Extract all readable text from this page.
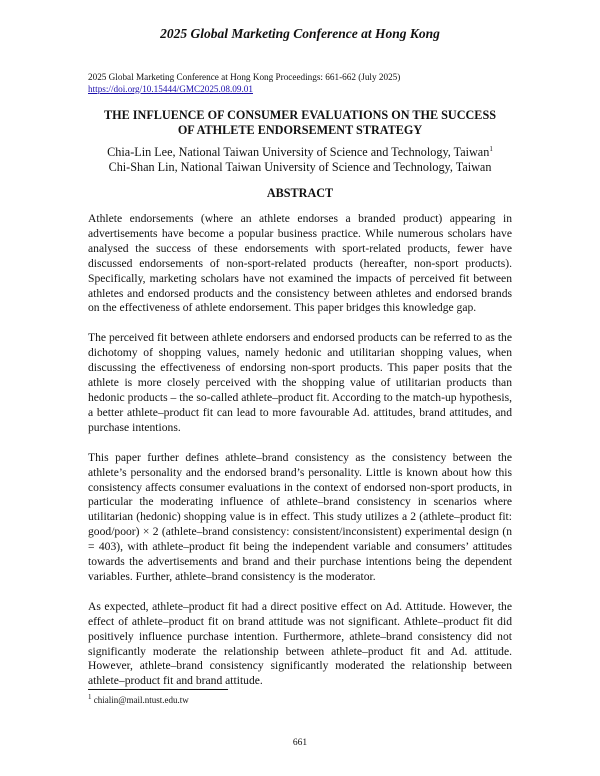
2025 Global Marketing Conference at Hong Kong
2025 Global Marketing Conference at Hong Kong Proceedings: 661-662 (July 2025)
https://doi.org/10.15444/GMC2025.08.09.01
THE INFLUENCE OF CONSUMER EVALUATIONS ON THE SUCCESS
OF ATHLETE ENDORSEMENT STRATEGY
Chia-Lin Lee, National Taiwan University of Science and Technology, Taiwan$^1$
Chi-Shan Lin, National Taiwan University of Science and Technology, Taiwan
ABSTRACT

Athlete endorsements (where an athlete endorses a branded product) appearing in advertisements have become a popular business practice. While numerous scholars have analysed the success of these endorsements with sport-related products, fewer have discussed endorsements of non-sport-related products (hereafter, non-sport products). Specifically, marketing scholars have not examined the impacts of perceived fit between athletes and endorsed products and the consistency between athletes and endorsed brands on the effectiveness of athlete endorsement. This paper bridges this knowledge gap.

The perceived fit between athlete endorsers and endorsed products can be referred to as the dichotomy of shopping values, namely hedonic and utilitarian shopping values, when discussing the effectiveness of endorsing non-sport products. This paper posits that the athlete is more closely perceived with the shopping value of utilitarian products than hedonic products – the so-called athlete–product fit. According to the match-up hypothesis, a better athlete–product fit can lead to more favourable Ad. attitudes, brand attitudes, and purchase intentions.

This paper further defines athlete–brand consistency as the consistency between the athlete’s personality and the endorsed brand’s personality. Little is known about how this consistency affects consumer evaluations in the context of endorsed non-sport products, in particular the moderating influence of athlete–brand consistency in scenarios where utilitarian (hedonic) shopping value is in effect. This study utilizes a 2 (athlete–product fit: good/poor) × 2 (athlete–brand consistency: consistent/inconsistent) experimental design (n = 403), with athlete–product fit being the independent variable and consumers’ attitudes towards the advertisements and brand and their purchase intentions being the dependent variables. Further, athlete–brand consistency is the moderator.

As expected, athlete–product fit had a direct positive effect on Ad. Attitude. However, the effect of athlete–product fit on brand attitude was not significant. Athlete–product fit did positively influence purchase intention. Furthermore, athlete–brand consistency did not significantly moderate the relationship between athlete–product fit and Ad. attitude. However, athlete–brand consistency significantly moderated the relationship between athlete–product fit and brand attitude.

$^1$ chialin@mail.ntust.edu.tw
661
